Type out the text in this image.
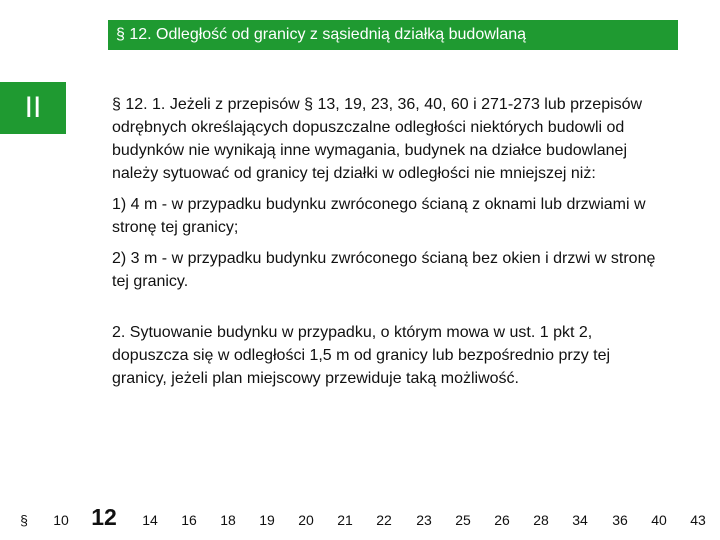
§ 12. Odległość od granicy z sąsiednią działką budowlaną
II	§ 12. 1. Jeżeli z przepisów § 13, 19, 23, 36, 40, 60 i 271-273 lub przepisów odrębnych określających dopuszczalne odległości niektórych budowli od budynków nie wynikają inne wymagania, budynek na działce budowlanej należy sytuować od granicy tej działki w odległości nie mniejszej niż:

1) 4 m - w przypadku budynku zwróconego ścianą z oknami lub drzwiami w stronę tej granicy;

2) 3 m - w przypadku budynku zwróconego ścianą bez okien i drzwi w stronę tej granicy.

2. Sytuowanie budynku w przypadku, o którym mowa w ust. 1 pkt 2, dopuszcza się w odległości 1,5 m od granicy lub bezpośrednio przy tej granicy, jeżeli plan miejscowy przewiduje taką możliwość.

§ 10 12 14 16 18 19 20 21 22 23 25 26 28 34 36 40 43
